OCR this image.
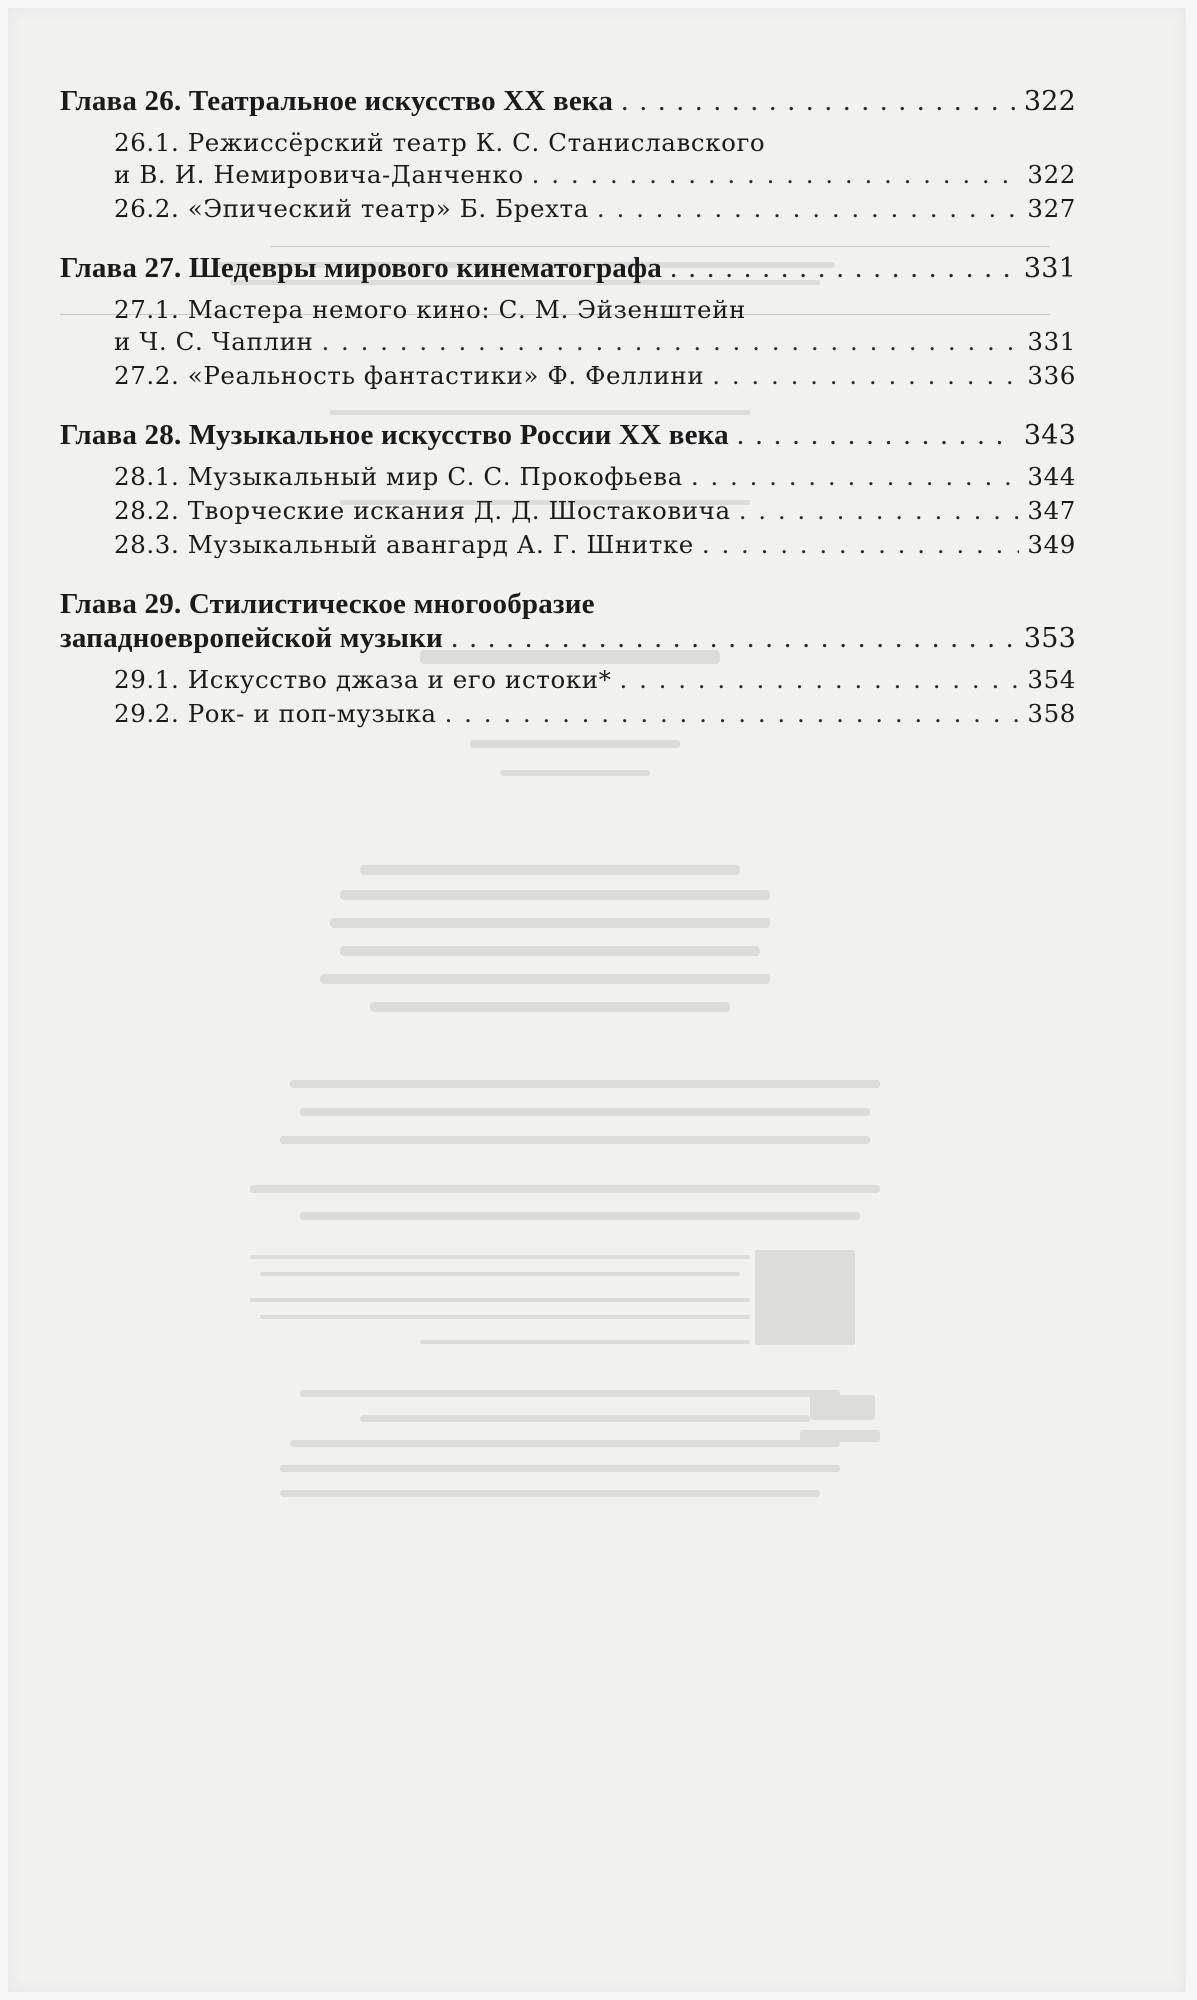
Глава 26. Театральное искусство XX века . . .	322
26.1. Режиссёрский театр К. С. Станиславского
и В. И. Немировича-Данченко . . .	322
26.2. «Эпический театр» Б. Брехта . . .	327
Глава 27. Шедевры мирового кинематографа . . .	331
27.1. Мастера немого кино: С. М. Эйзенштейн
и Ч. С. Чаплин . . .	331
27.2. «Реальность фантастики» Ф. Феллини . . .	336
Глава 28. Музыкальное искусство России XX века . . .	343
28.1. Музыкальный мир С. С. Прокофьева . . .	344
28.2. Творческие искания Д. Д. Шостаковича . . .	347
28.3. Музыкальный авангард А. Г. Шнитке . . .	349
Глава 29. Стилистическое многообразие
западноевропейской музыки . . .	353
29.1. Искусство джаза и его истоки* . . .	354
29.2. Рок- и поп-музыка . . .	358
